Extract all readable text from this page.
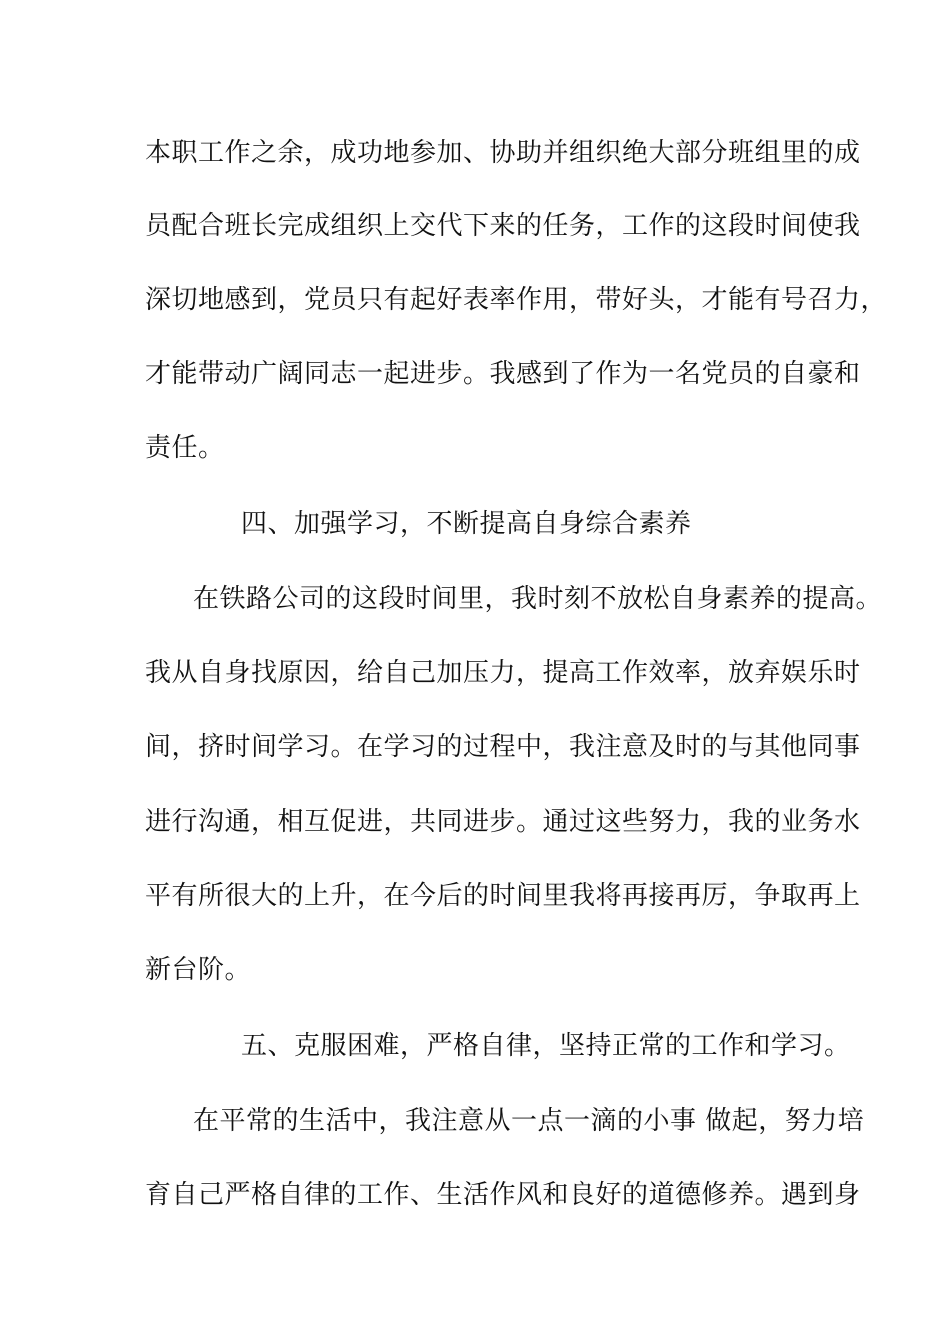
本职工作之余，成功地参加、协助并组织绝大部分班组里的成
员配合班长完成组织上交代下来的任务，工作的这段时间使我
深切地感到，党员只有起好表率作用，带好头，才能有号召力，
才能带动广阔同志一起进步。我感到了作为一名党员的自豪和
责任。
四、加强学习，不断提高自身综合素养
在铁路公司的这段时间里，我时刻不放松自身素养的提高。
我从自身找原因，给自己加压力，提高工作效率，放弃娱乐时
间，挤时间学习。在学习的过程中，我注意及时的与其他同事
进行沟通，相互促进，共同进步。通过这些努力，我的业务水
平有所很大的上升，在今后的时间里我将再接再厉，争取再上
新台阶。
五、克服困难，严格自律，坚持正常的工作和学习。
在平常的生活中，我注意从一点一滴的小事 做起，努力培
育自己严格自律的工作、生活作风和良好的道德修养。遇到身
